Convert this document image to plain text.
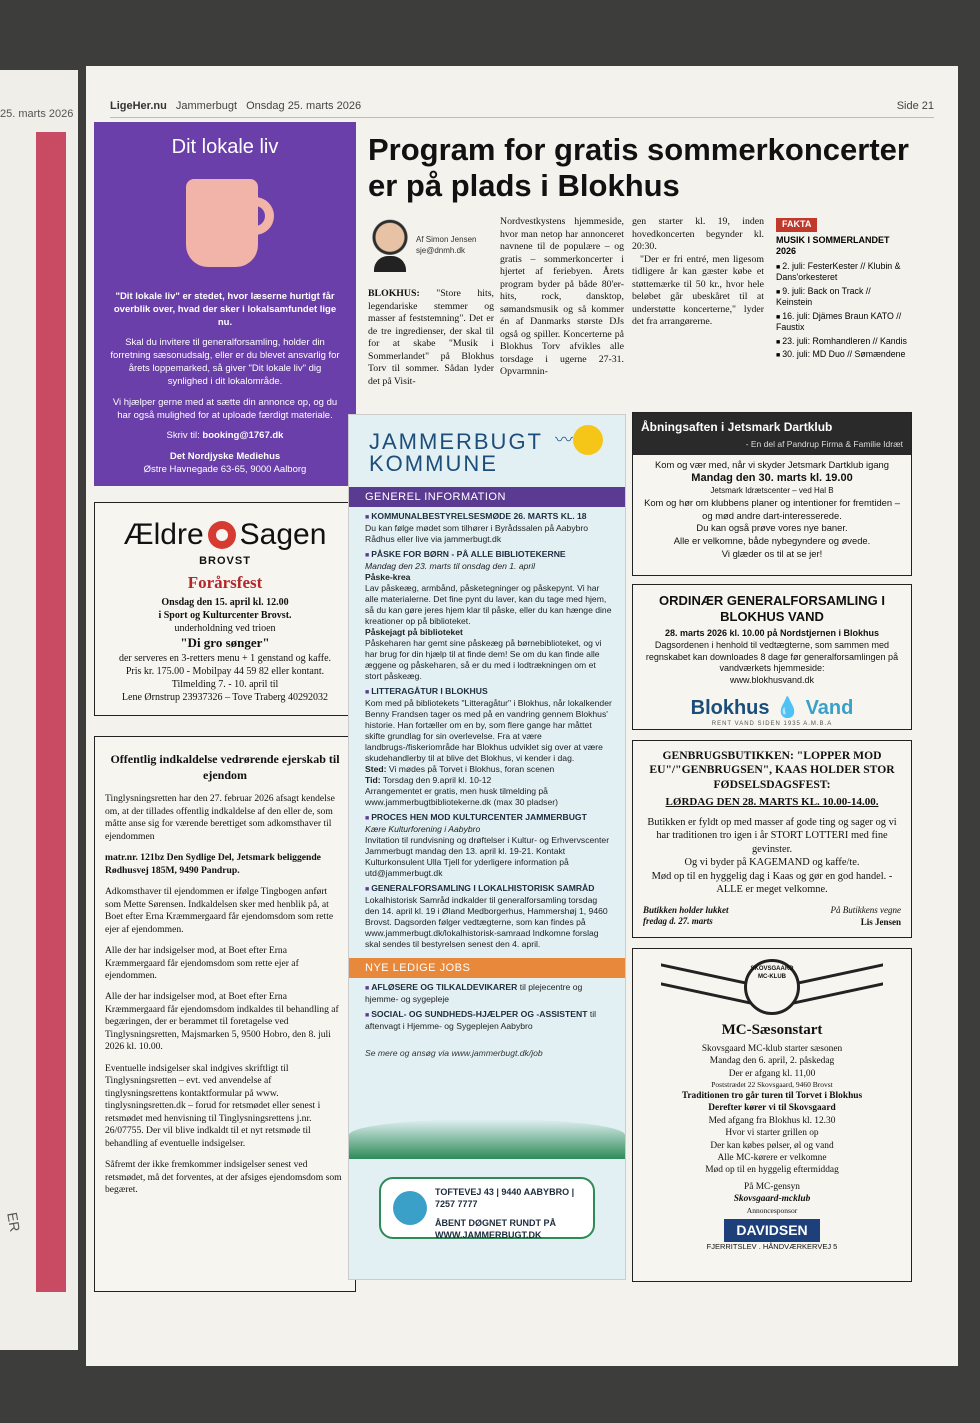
25. marts 2026
ER
LigeHer.nu Jammerbugt Onsdag 25. marts 2026	Side 21
Dit lokale liv

"Dit lokale liv" er stedet, hvor læserne hurtigt får overblik over, hvad der sker i lokalsamfundet lige nu.

Skal du invitere til generalforsamling, holder din forretning sæsonudsalg, eller er du blevet ansvarlig for årets loppemarked, så giver "Dit lokale liv" dig synlighed i dit lokalområde.

Vi hjælper gerne med at sætte din annonce op, og du har også mulighed for at uploade færdigt materiale.

Skriv til: booking@1767.dk

Det Nordjyske Mediehus
Østre Havnegade 63-65, 9000 Aalborg

Ældre Sagen
BROVST
Forårsfest
Onsdag den 15. april kl. 12.00
i Sport og Kulturcenter Brovst.
underholdning ved trioen
"Di gro sønger"
der serveres en 3-retters menu + 1 genstand og kaffe.
Pris kr. 175.00 - Mobilpay 44 59 82 eller kontant.
Tilmelding 7. - 10. april til
Lene Ørnstrup 23937326 – Tove Traberg 40292032
Offentlig indkaldelse vedrørende ejerskab til ejendom

Tinglysningsretten har den 27. februar 2026 afsagt kendelse om, at der tillades offentlig indkaldelse af den eller de, som måtte anse sig for værende berettiget som adkomsthaver til ejendommen

matr.nr. 121bz Den Sydlige Del, Jetsmark beliggende Rødhusvej 185M, 9490 Pandrup.

Adkomsthaver til ejendommen er ifølge Tingbogen anført som Mette Sørensen. Indkaldelsen sker med henblik på, at Boet efter Erna Kræmmergaard får ejendomsdom som rette ejer af ejendommen.

Alle der har indsigelser mod, at Boet efter Erna Kræmmergaard får ejendomsdom som rette ejer af ejendommen.

Alle der har indsigelser mod, at Boet efter Erna Kræmmergaard får ejendomsdom indkaldes til behandling af begæringen, der er berammet til foretagelse ved Tinglysningsretten, Majsmarken 5, 9500 Hobro, den 8. juli 2026 kl. 10.00.

Eventuelle indsigelser skal indgives skriftligt til Tinglysningsretten – evt. ved anvendelse af tinglysningsrettens kontaktformular på www. tinglysningsretten.dk – forud for retsmødet eller senest i retsmødet med henvisning til Tinglysningsrettens j.nr. 26/07755. Der vil blive indkaldt til et nyt retsmøde til behandling af eventuelle indsigelser.

Såfremt der ikke fremkommer indsigelser senest ved retsmødet, må det forventes, at der afsiges ejendomsdom som begæret.

Program for gratis sommerkoncerter er på plads i Blokhus
Af Simon Jensen
sje@dnmh.dk
BLOKHUS: "Store hits, legendariske stemmer og masser af feststemning". Det er de tre ingredienser, der skal til for at skabe "Musik i Sommerlandet" på Blokhus Torv til sommer. Sådan lyder det på Visit-
Nordvestkystens hjemmeside, hvor man netop har annonceret navnene til de populære – og gratis – sommerkoncerter i hjertet af feriebyen. Årets program byder på både 80'er-hits, rock, dansktop, sømandsmusik og så kommer én af Danmarks største DJs også og spiller. Koncerterne på Blokhus Torv afvikles alle torsdage i ugerne 27-31. Opvarmnin-

gen starter kl. 19, inden hovedkoncerten begynder kl. 20:30.

"Der er fri entré, men ligesom tidligere år kan gæster købe et støttemærke til 50 kr., hvor hele beløbet går ubeskåret til at understøtte koncerterne," lyder det fra arrangørerne.

FAKTA
MUSIK I SOMMERLANDET 2026
■ 2. juli: FesterKester // Klubin & Dans'orkesteret
■ 9. juli: Back on Track // Keinstein
■ 16. juli: Djämes Braun KATO // Faustix
■ 23. juli: Romhandleren // Kandis
■ 30. juli: MD Duo // Sømændene
JAMMERBUGT
KOMMUNE
〰
GENEREL INFORMATION
■ KOMMUNALBESTYRELSESMØDE 26. MARTS KL. 18
Du kan følge mødet som tilhører i Byrådssalen på Aabybro Rådhus eller live via jammerbugt.dk
■ PÅSKE FOR BØRN - PÅ ALLE BIBLIOTEKERNE
Mandag den 23. marts til onsdag den 1. april
Påske-krea
Lav påskeæg, armbånd, påsketegninger og påskepynt. Vi har alle materialerne. Det fine pynt du laver, kan du tage med hjem, så du kan gøre jeres hjem klar til påske, eller du kan hænge dine kreationer op på biblioteket.
Påskejagt på biblioteket
Påskeharen har gemt sine påskeæg på børnebiblioteket, og vi har brug for din hjælp til at finde dem! Se om du kan finde alle æggene og påskeharen, så er du med i lodtrækningen om et stort påskeæg.
■ LITTERAGÅTUR I BLOKHUS
Kom med på bibliotekets "Litteragåtur" i Blokhus, når lokalkender Benny Frandsen tager os med på en vandring gennem Blokhus' historie. Han fortæller om en by, som flere gange har måttet skifte grundlag for sin overlevelse. Fra at være landbrugs-/fiskeriområde har Blokhus udviklet sig over at være skudehandlerby til at blive det Blokhus, vi kender i dag.
Sted: Vi mødes på Torvet i Blokhus, foran scenen
Tid: Torsdag den 9.april kl. 10-12
Arrangementet er gratis, men husk tilmelding på www.jammerbugtbibliotekerne.dk (max 30 pladser)
■ PROCES HEN MOD KULTURCENTER JAMMERBUGT
Kære Kulturforening i Aabybro
Invitation til rundvisning og drøftelser i Kultur- og Erhvervscenter Jammerbugt mandag den 13. april kl. 19-21. Kontakt Kulturkonsulent Ulla Tjell for yderligere information på utd@jammerbugt.dk
■ GENERALFORSAMLING I LOKALHISTORISK SAMRÅD
Lokalhistorisk Samråd indkalder til generalforsamling torsdag den 14. april kl. 19 i Øland Medborgerhus, Hammershøj 1, 9460 Brovst. Dagsorden følger vedtægterne, som kan findes på www.jammerbugt.dk/lokalhistorisk-samraad Indkomne forslag skal sendes til bestyrelsen senest den 4. april.
NYE LEDIGE JOBS
■ AFLØSERE OG TILKALDEVIKARER til plejecentre og hjemme- og sygepleje
■ SOCIAL- OG SUNDHEDS-HJÆLPER OG -ASSISTENT til aftenvagt i Hjemme- og Sygeplejen Aabybro
Se mere og ansøg via www.jammerbugt.dk/job
TOFTEVEJ 43 | 9440 AABYBRO | 7257 7777
ÅBENT DØGNET RUNDT PÅ WWW.JAMMERBUGT.DK
Åbningsaften i Jetsmark Dartklub
- En del af Pandrup Firma & Familie Idræt
Kom og vær med, når vi skyder Jetsmark Dartklub igang
Mandag den 30. marts kl. 19.00
Jetsmark Idrætscenter – ved Hal B
Kom og hør om klubbens planer og intentioner for fremtiden – og mød andre dart-interesserede.
Du kan også prøve vores nye baner.
Alle er velkomne, både nybegyndere og øvede.
Vi glæder os til at se jer!
ORDINÆR GENERALFORSAMLING I BLOKHUS VAND
28. marts 2026 kl. 10.00 på Nordstjernen i Blokhus
Dagsordenen i henhold til vedtægterne, som sammen med regnskabet kan downloades 8 dage før generalforsamlingen på vandværkets hjemmeside:
www.blokhusvand.dk
Blokhus 💧 Vand
RENT VAND SIDEN 1935 A.M.B.A
GENBRUGSBUTIKKEN: "LOPPER MOD EU"/"GENBRUGSEN", KAAS HOLDER STOR FØDSELSDAGSFEST:
LØRDAG DEN 28. MARTS KL. 10.00-14.00.
Butikken er fyldt op med masser af gode ting og sager og vi har traditionen tro igen i år STORT LOTTERI med fine gevinster.
Og vi byder på KAGEMAND og kaffe/te.
Mød op til en hyggelig dag i Kaas og gør en god handel. - ALLE er meget velkomne.
Butikken holder lukket fredag d. 27. marts
På Butikkens vegne
Lis Jensen
SKOVSGAARD MC-KLUB
MC-Sæsonstart
Skovsgaard MC-klub starter sæsonen
Mandag den 6. april, 2. påskedag
Der er afgang kl. 11,00
Poststrædet 22 Skovsgaard, 9460 Brovst
Traditionen tro går turen til Torvet i Blokhus
Derefter kører vi til Skovsgaard
Med afgang fra Blokhus kl. 12.30
Hvor vi starter grillen op
Der kan købes pølser, øl og vand
Alle MC-kørere er velkomne
Mød op til en hyggelig eftermiddag
På MC-gensyn
Skovsgaard-mcklub
Annoncesponsor
DAVIDSEN
FJERRITSLEV . HÅNDVÆRKERVEJ 5
